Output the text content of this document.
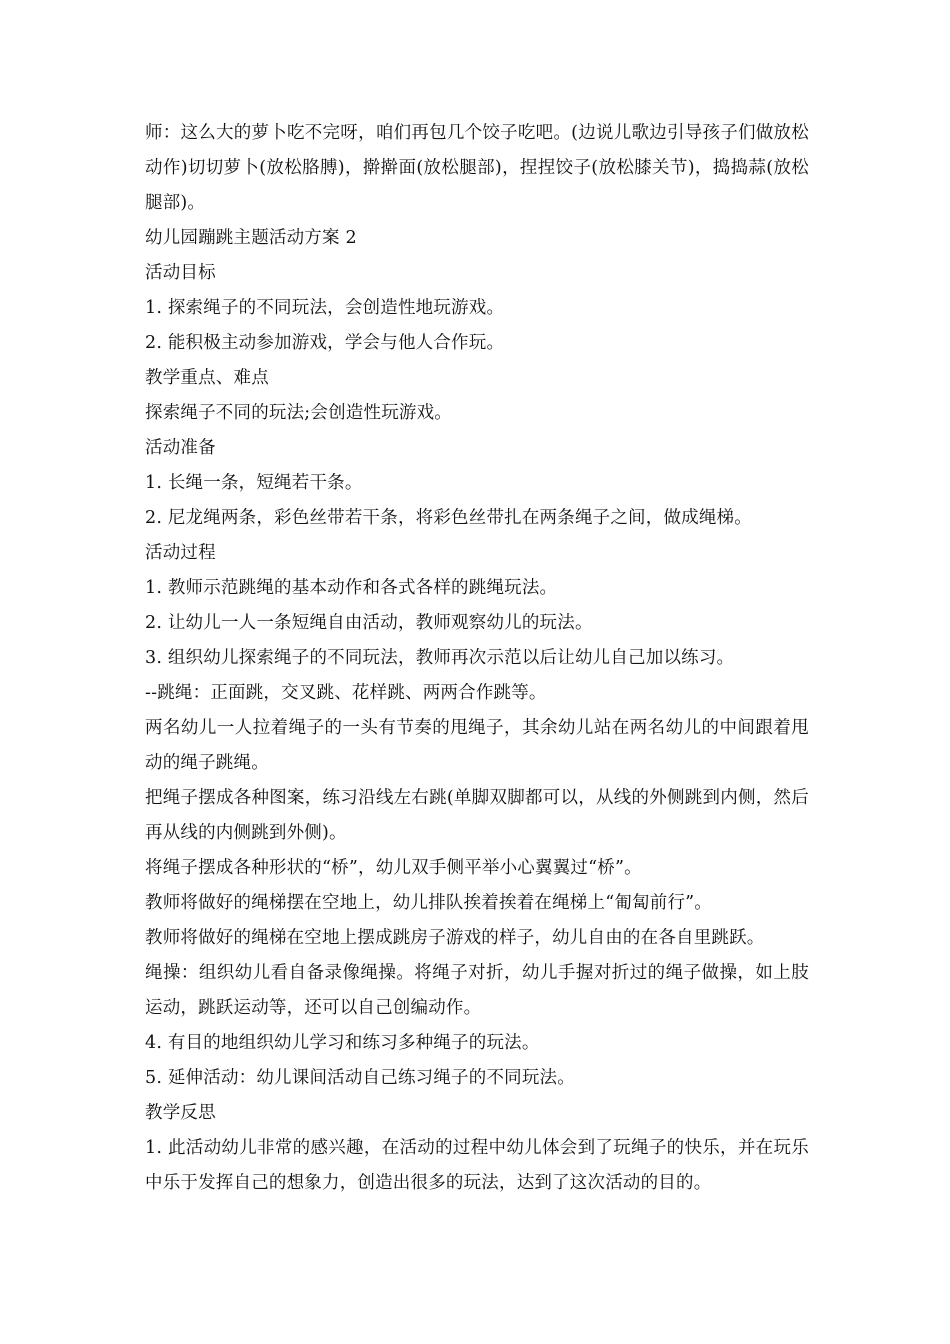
师：这么大的萝卜吃不完呀，咱们再包几个饺子吃吧。(边说儿歌边引导孩子们做放松动作)切切萝卜(放松胳膊)，擀擀面(放松腿部)，捏捏饺子(放松膝关节)，捣捣蒜(放松腿部)。

幼儿园蹦跳主题活动方案 2

活动目标

1. 探索绳子的不同玩法，会创造性地玩游戏。

2. 能积极主动参加游戏，学会与他人合作玩。

教学重点、难点

探索绳子不同的玩法;会创造性玩游戏。

活动准备

1. 长绳一条，短绳若干条。

2. 尼龙绳两条，彩色丝带若干条，将彩色丝带扎在两条绳子之间，做成绳梯。

活动过程

1. 教师示范跳绳的基本动作和各式各样的跳绳玩法。

2. 让幼儿一人一条短绳自由活动，教师观察幼儿的玩法。

3. 组织幼儿探索绳子的不同玩法，教师再次示范以后让幼儿自己加以练习。

--跳绳：正面跳，交叉跳、花样跳、两两合作跳等。

两名幼儿一人拉着绳子的一头有节奏的甩绳子，其余幼儿站在两名幼儿的中间跟着甩动的绳子跳绳。

把绳子摆成各种图案，练习沿线左右跳(单脚双脚都可以，从线的外侧跳到内侧，然后再从线的内侧跳到外侧)。

将绳子摆成各种形状的“桥”，幼儿双手侧平举小心翼翼过“桥”。

教师将做好的绳梯摆在空地上，幼儿排队挨着挨着在绳梯上“匍匐前行”。

教师将做好的绳梯在空地上摆成跳房子游戏的样子，幼儿自由的在各自里跳跃。

绳操：组织幼儿看自备录像绳操。将绳子对折，幼儿手握对折过的绳子做操，如上肢运动，跳跃运动等，还可以自己创编动作。

4. 有目的地组织幼儿学习和练习多种绳子的玩法。

5. 延伸活动：幼儿课间活动自己练习绳子的不同玩法。

教学反思

1. 此活动幼儿非常的感兴趣，在活动的过程中幼儿体会到了玩绳子的快乐，并在玩乐中乐于发挥自己的想象力，创造出很多的玩法，达到了这次活动的目的。
